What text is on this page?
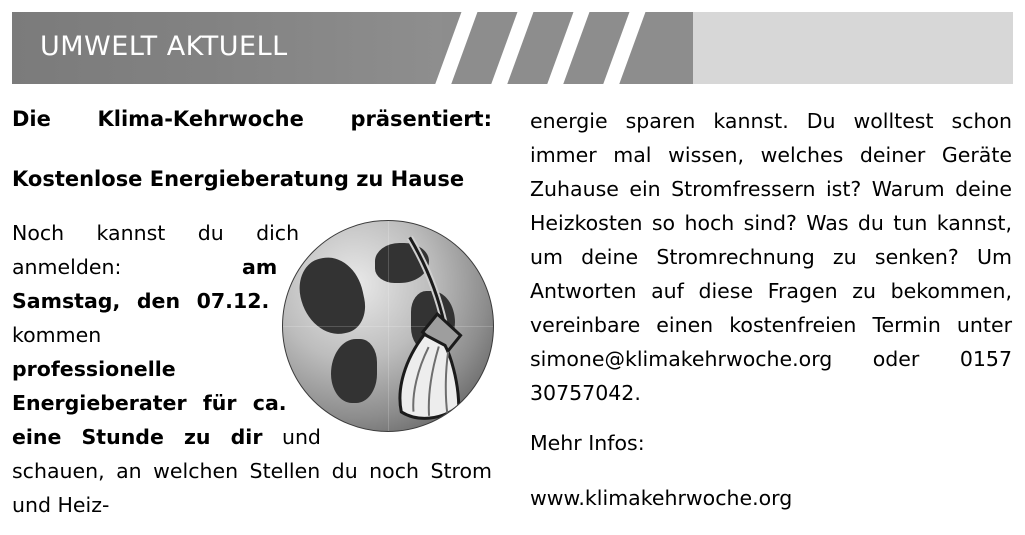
UMWELT AKTUELL
Die Klima-Kehrwoche präsentiert:
Kostenlose Energieberatung zu Hause

Noch kannst du dich anmelden: am Samstag, den 07.12. kommen professionelle Energieberater für ca. eine Stunde zu dir und schauen, an welchen Stellen du noch Strom und Heiz-

energie sparen kannst. Du wolltest schon immer mal wissen, welches deiner Geräte Zuhause ein Stromfressern ist? Warum deine Heizkosten so hoch sind? Was du tun kannst, um deine Stromrechnung zu senken? Um Antworten auf diese Fragen zu bekommen, vereinbare einen kostenfreien Termin unter simone@klimakehrwoche.org oder 0157 30757042.

Mehr Infos:

www.klimakehrwoche.org
